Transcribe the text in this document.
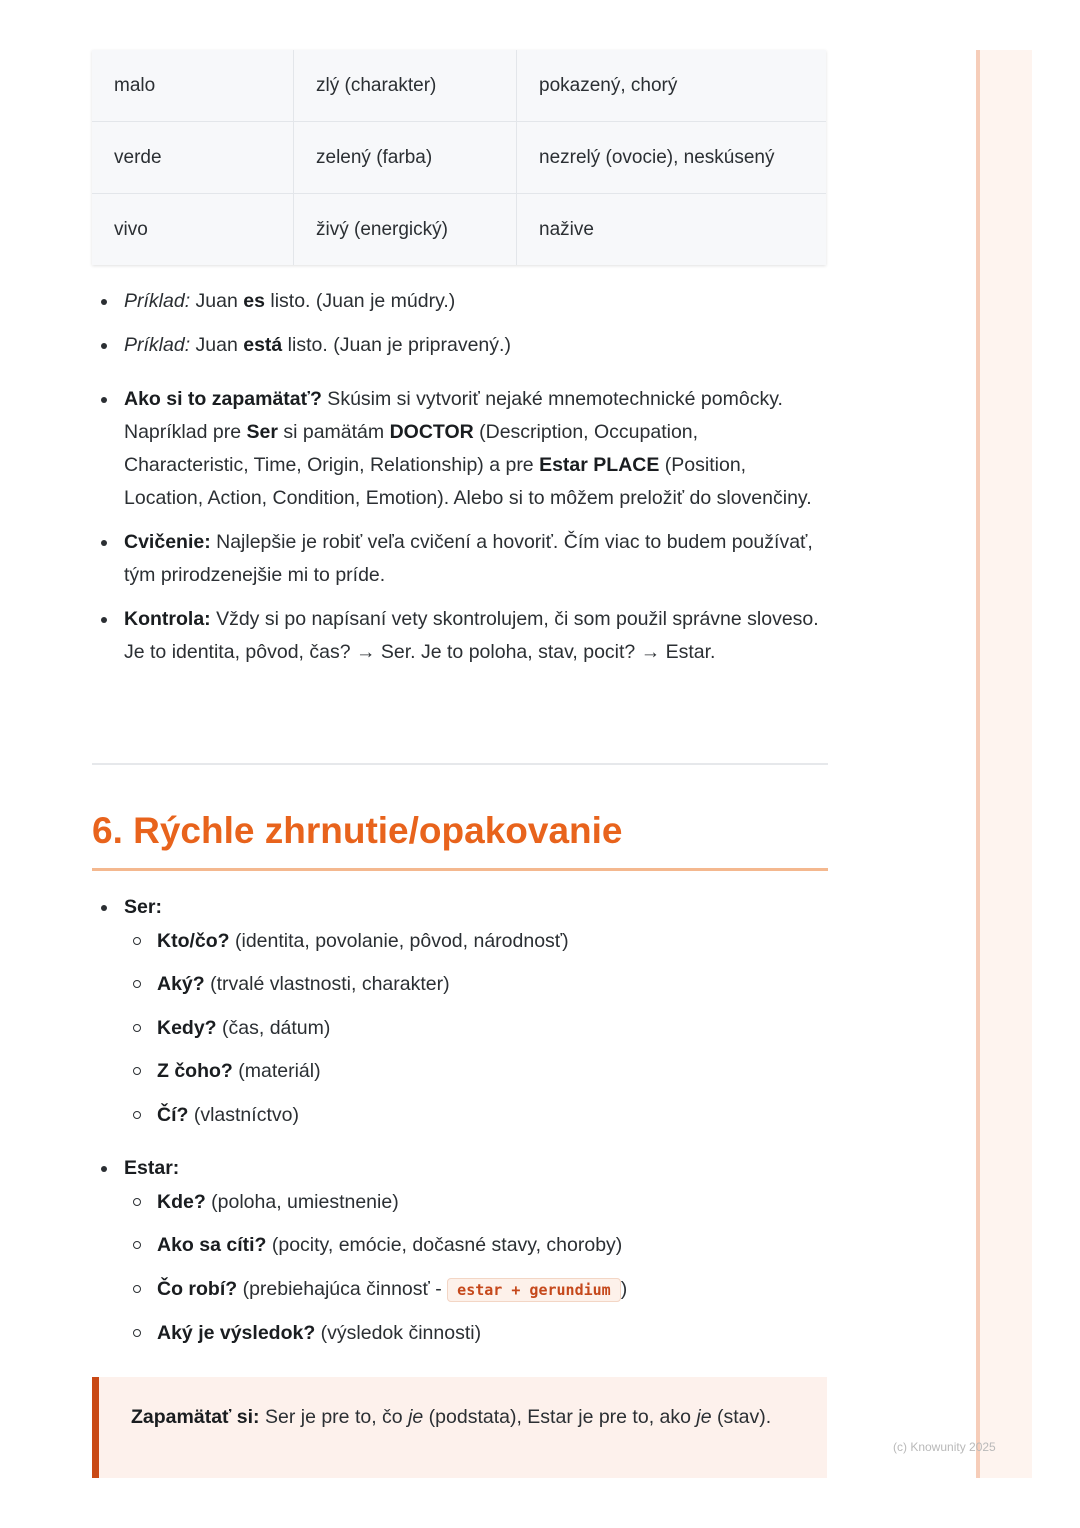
(c) Knowunity 2025
malo	zlý (charakter)	pokazený, chorý
verde	zelený (farba)	nezrelý (ovocie), neskúsený
vivo	živý (energický)	naživе
Príklad: Juan es listo. (Juan je múdry.)
Príklad: Juan está listo. (Juan je pripravený.)
Ako si to zapamätať? Skúsim si vytvoriť nejaké mnemotechnické pomôcky. Napríklad pre Ser si pamätám DOCTOR (Description, Occupation, Characteristic, Time, Origin, Relationship) a pre Estar PLACE (Position, Location, Action, Condition, Emotion). Alebo si to môžem preložiť do slovenčiny.
Cvičenie: Najlepšie je robiť veľa cvičení a hovoriť. Čím viac to budem používať, tým prirodzenejšie mi to príde.
Kontrola: Vždy si po napísaní vety skontrolujem, či som použil správne sloveso. Je to identita, pôvod, čas? → Ser. Je to poloha, stav, pocit? → Estar.
6. Rýchle zhrnutie/opakovanie
Ser:
Kto/čo? (identita, povolanie, pôvod, národnosť)
Aký? (trvalé vlastnosti, charakter)
Kedy? (čas, dátum)
Z čoho? (materiál)
Čí? (vlastníctvo)
Estar:
Kde? (poloha, umiestnenie)
Ako sa cíti? (pocity, emócie, dočasné stavy, choroby)
Čo robí? (prebiehajúca činnosť - estar + gerundium )
Aký je výsledok? (výsledok činnosti)
Zapamätať si: Ser je pre to, čo je (podstata), Estar je pre to, ako je (stav).
